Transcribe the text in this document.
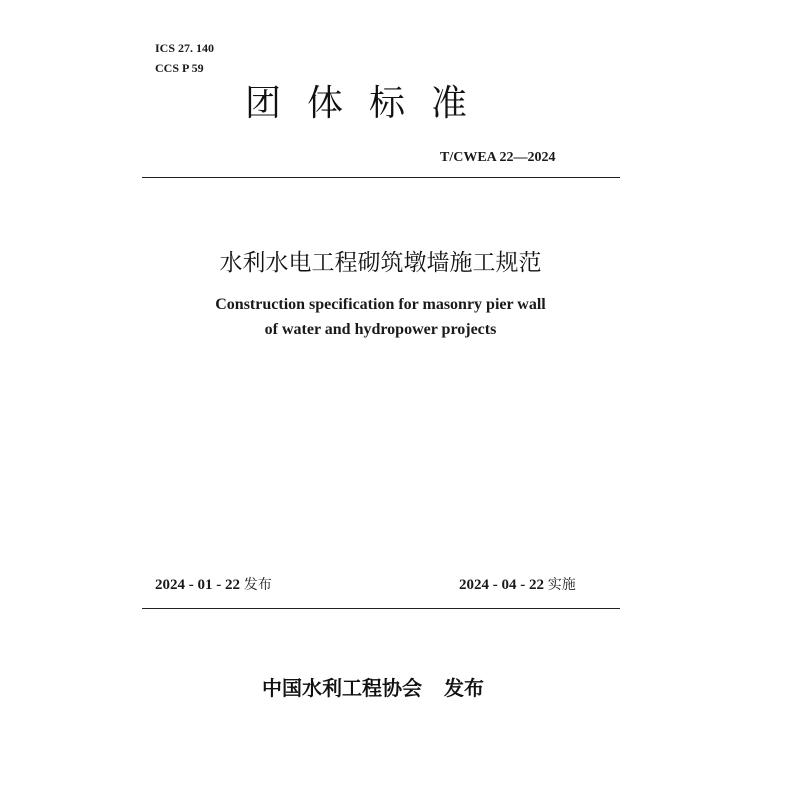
ICS 27. 140

CCS P 59

团体标准

T/CWEA 22—2024

水利水电工程砌筑墩墙施工规范

Construction specification for masonry pier wall

of water and hydropower projects

2024 - 01 - 22 发布	2024 - 04 - 22 实施

中国水利工程协会 发布
